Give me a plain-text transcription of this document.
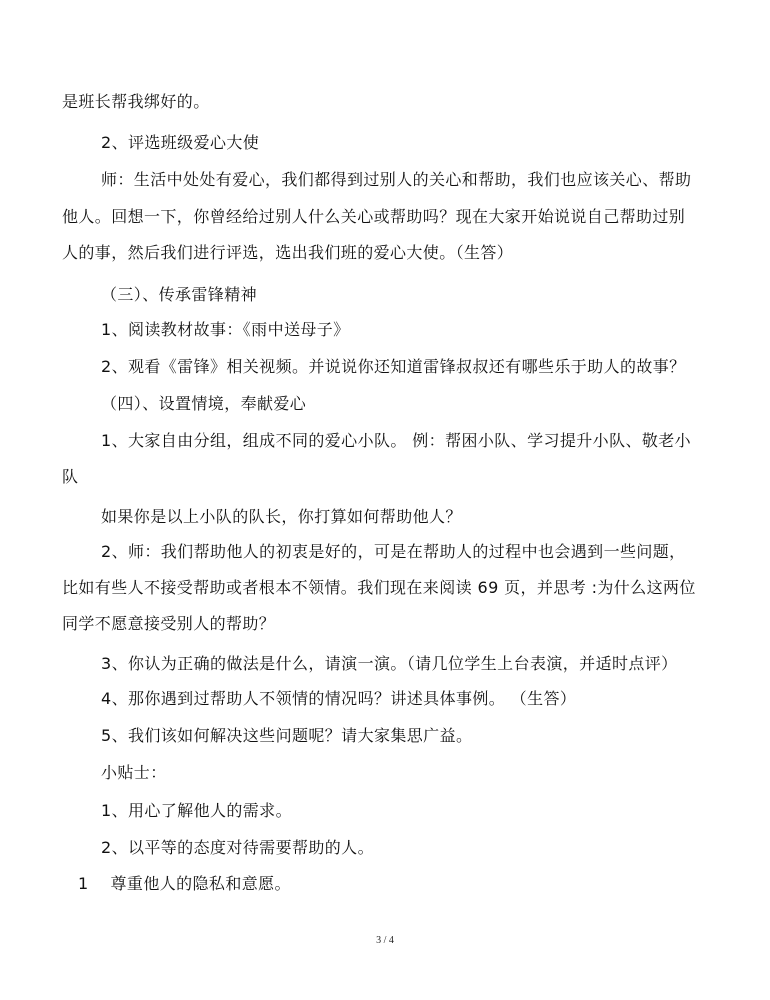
是班长帮我绑好的。
2、评选班级爱心大使
师：生活中处处有爱心，我们都得到过别人的关心和帮助，我们也应该关心、帮助
他人。回想一下，你曾经给过别人什么关心或帮助吗？现在大家开始说说自己帮助过别
人的事，然后我们进行评选，选出我们班的爱心大使。（生答）
（三）、传承雷锋精神
1、阅读教材故事：《雨中送母子》
2、观看《雷锋》相关视频。并说说你还知道雷锋叔叔还有哪些乐于助人的故事？
（四）、设置情境，奉献爱心
1、大家自由分组，组成不同的爱心小队。 例：帮困小队、学习提升小队、敬老小
队
如果你是以上小队的队长，你打算如何帮助他人？
2、师：我们帮助他人的初衷是好的，可是在帮助人的过程中也会遇到一些问题，
比如有些人不接受帮助或者根本不领情。我们现在来阅读 69 页，并思考 :为什么这两位
同学不愿意接受别人的帮助？
3、你认为正确的做法是什么，请演一演。（请几位学生上台表演，并适时点评）
4、那你遇到过帮助人不领情的情况吗？讲述具体事例。 （生答）
5、我们该如何解决这些问题呢？请大家集思广益。
小贴士：
1、用心了解他人的需求。
2、以平等的态度对待需要帮助的人。
1    尊重他人的隐私和意愿。
3 / 4
